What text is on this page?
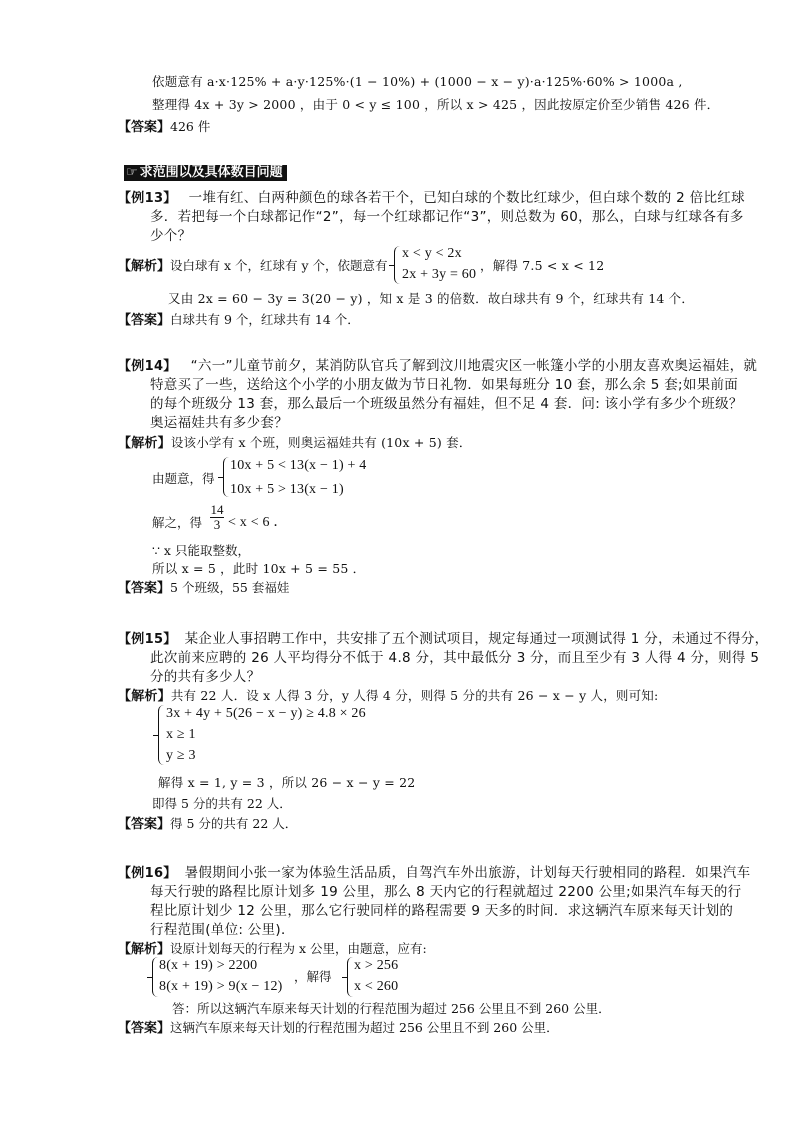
依题意有 a·x·125% + a·y·125%·(1 − 10%) + (1000 − x − y)·a·125%·60% > 1000a ,
整理得 4x + 3y > 2000 ，由于 0 < y ≤ 100 ，所以 x > 425 ，因此按原定价至少销售 426 件．
【答案】426 件
☞ 求范围以及具体数目问题
【例13】 一堆有红、白两种颜色的球各若干个，已知白球的个数比红球少，但白球个数的 2 倍比红球
多．若把每一个白球都记作“2”，每一个红球都记作“3”，则总数为 60，那么，白球与红球各有多
少个？
【解析】设白球有 x 个，红球有 y 个，依题意有
x < y < 2x
2x + 3y = 60
，解得 7.5 < x < 12
又由 2x = 60 − 3y = 3(20 − y) ，知 x 是 3 的倍数．故白球共有 9 个，红球共有 14 个．
【答案】白球共有 9 个，红球共有 14 个．
【例14】 “六一”儿童节前夕，某消防队官兵了解到汶川地震灾区一帐篷小学的小朋友喜欢奥运福娃，就
特意买了一些，送给这个小学的小朋友做为节日礼物．如果每班分 10 套，那么余 5 套;如果前面
的每个班级分 13 套，那么最后一个班级虽然分有福娃，但不足 4 套．问: 该小学有多少个班级？
奥运福娃共有多少套？
【解析】设该小学有 x 个班，则奥运福娃共有 (10x + 5) 套．
由题意，得
10x + 5 < 13(x − 1) + 4
10x + 5 > 13(x − 1)
解之，得 $\frac{14}{3} < x < 6$ ．
∵ x 只能取整数，
所以 x = 5 ，此时 10x + 5 = 55 ．
【答案】5 个班级，55 套福娃
【例15】 某企业人事招聘工作中，共安排了五个测试项目，规定每通过一项测试得 1 分，未通过不得分，
此次前来应聘的 26 人平均得分不低于 4.8 分，其中最低分 3 分，而且至少有 3 人得 4 分，则得 5
分的共有多少人？
【解析】共有 22 人．设 x 人得 3 分，y 人得 4 分，则得 5 分的共有 26 − x − y 人，则可知:
3x + 4y + 5(26 − x − y) ≥ 4.8 × 26
x ≥ 1
y ≥ 3
解得 x = 1, y = 3 ，所以 26 − x − y = 22
即得 5 分的共有 22 人．
【答案】得 5 分的共有 22 人．
【例16】 暑假期间小张一家为体验生活品质，自驾汽车外出旅游，计划每天行驶相同的路程．如果汽车
每天行驶的路程比原计划多 19 公里，那么 8 天内它的行程就超过 2200 公里;如果汽车每天的行
程比原计划少 12 公里，那么它行驶同样的路程需要 9 天多的时间．求这辆汽车原来每天计划的
行程范围(单位: 公里)．
【解析】设原计划每天的行程为 x 公里，由题意，应有:
8(x + 19) > 2200
8(x + 19) > 9(x − 12)
，解得
x > 256
x < 260
答：所以这辆汽车原来每天计划的行程范围为超过 256 公里且不到 260 公里．
【答案】这辆汽车原来每天计划的行程范围为超过 256 公里且不到 260 公里．
